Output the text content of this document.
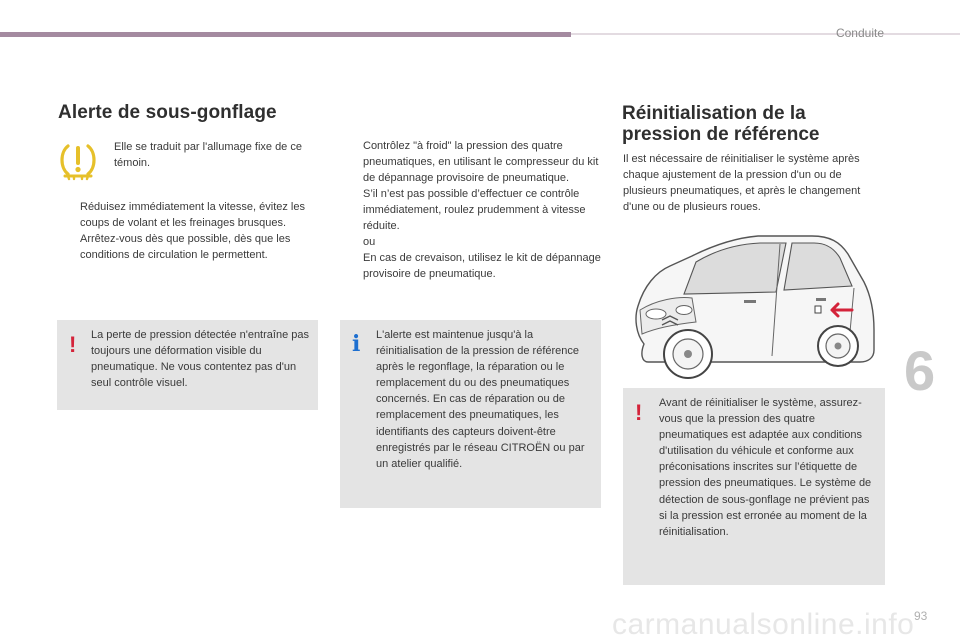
Conduite
Alerte de sous-gonflage

Elle se traduit par l'allumage fixe de ce témoin.

Réduisez immédiatement la vitesse, évitez les coups de volant et les freinages brusques.
Arrêtez-vous dès que possible, dès que les conditions de circulation le permettent.
! La perte de pression détectée n'entraîne pas toujours une déformation visible du pneumatique. Ne vous contentez pas d'un seul contrôle visuel.

Contrôlez "à froid" la pression des quatre pneumatiques, en utilisant le compresseur du kit de dépannage provisoire de pneumatique.
S’il n’est pas possible d’effectuer ce contrôle immédiatement, roulez prudemment à vitesse réduite.
ou
En cas de crevaison, utilisez le kit de dépannage provisoire de pneumatique.
i L'alerte est maintenue jusqu'à la réinitialisation de la pression de référence après le regonflage, la réparation ou le remplacement du ou des pneumatiques concernés. En cas de réparation ou de remplacement des pneumatiques, les identifiants des capteurs doivent-être enregistrés par le réseau CITROËN ou par un atelier qualifié.

Réinitialisation de la pression de référence

Il est nécessaire de réinitialiser le système après chaque ajustement de la pression d'un ou de plusieurs pneumatiques, et après le changement d'une ou de plusieurs roues.

! Avant de réinitialiser le système, assurez-vous que la pression des quatre pneumatiques est adaptée aux conditions d'utilisation du véhicule et conforme aux préconisations inscrites sur l’étiquette de pression des pneumatiques. Le système de détection de sous-gonflage ne prévient pas si la pression est erronée au moment de la réinitialisation.

6
carmanualsonline.info 93
